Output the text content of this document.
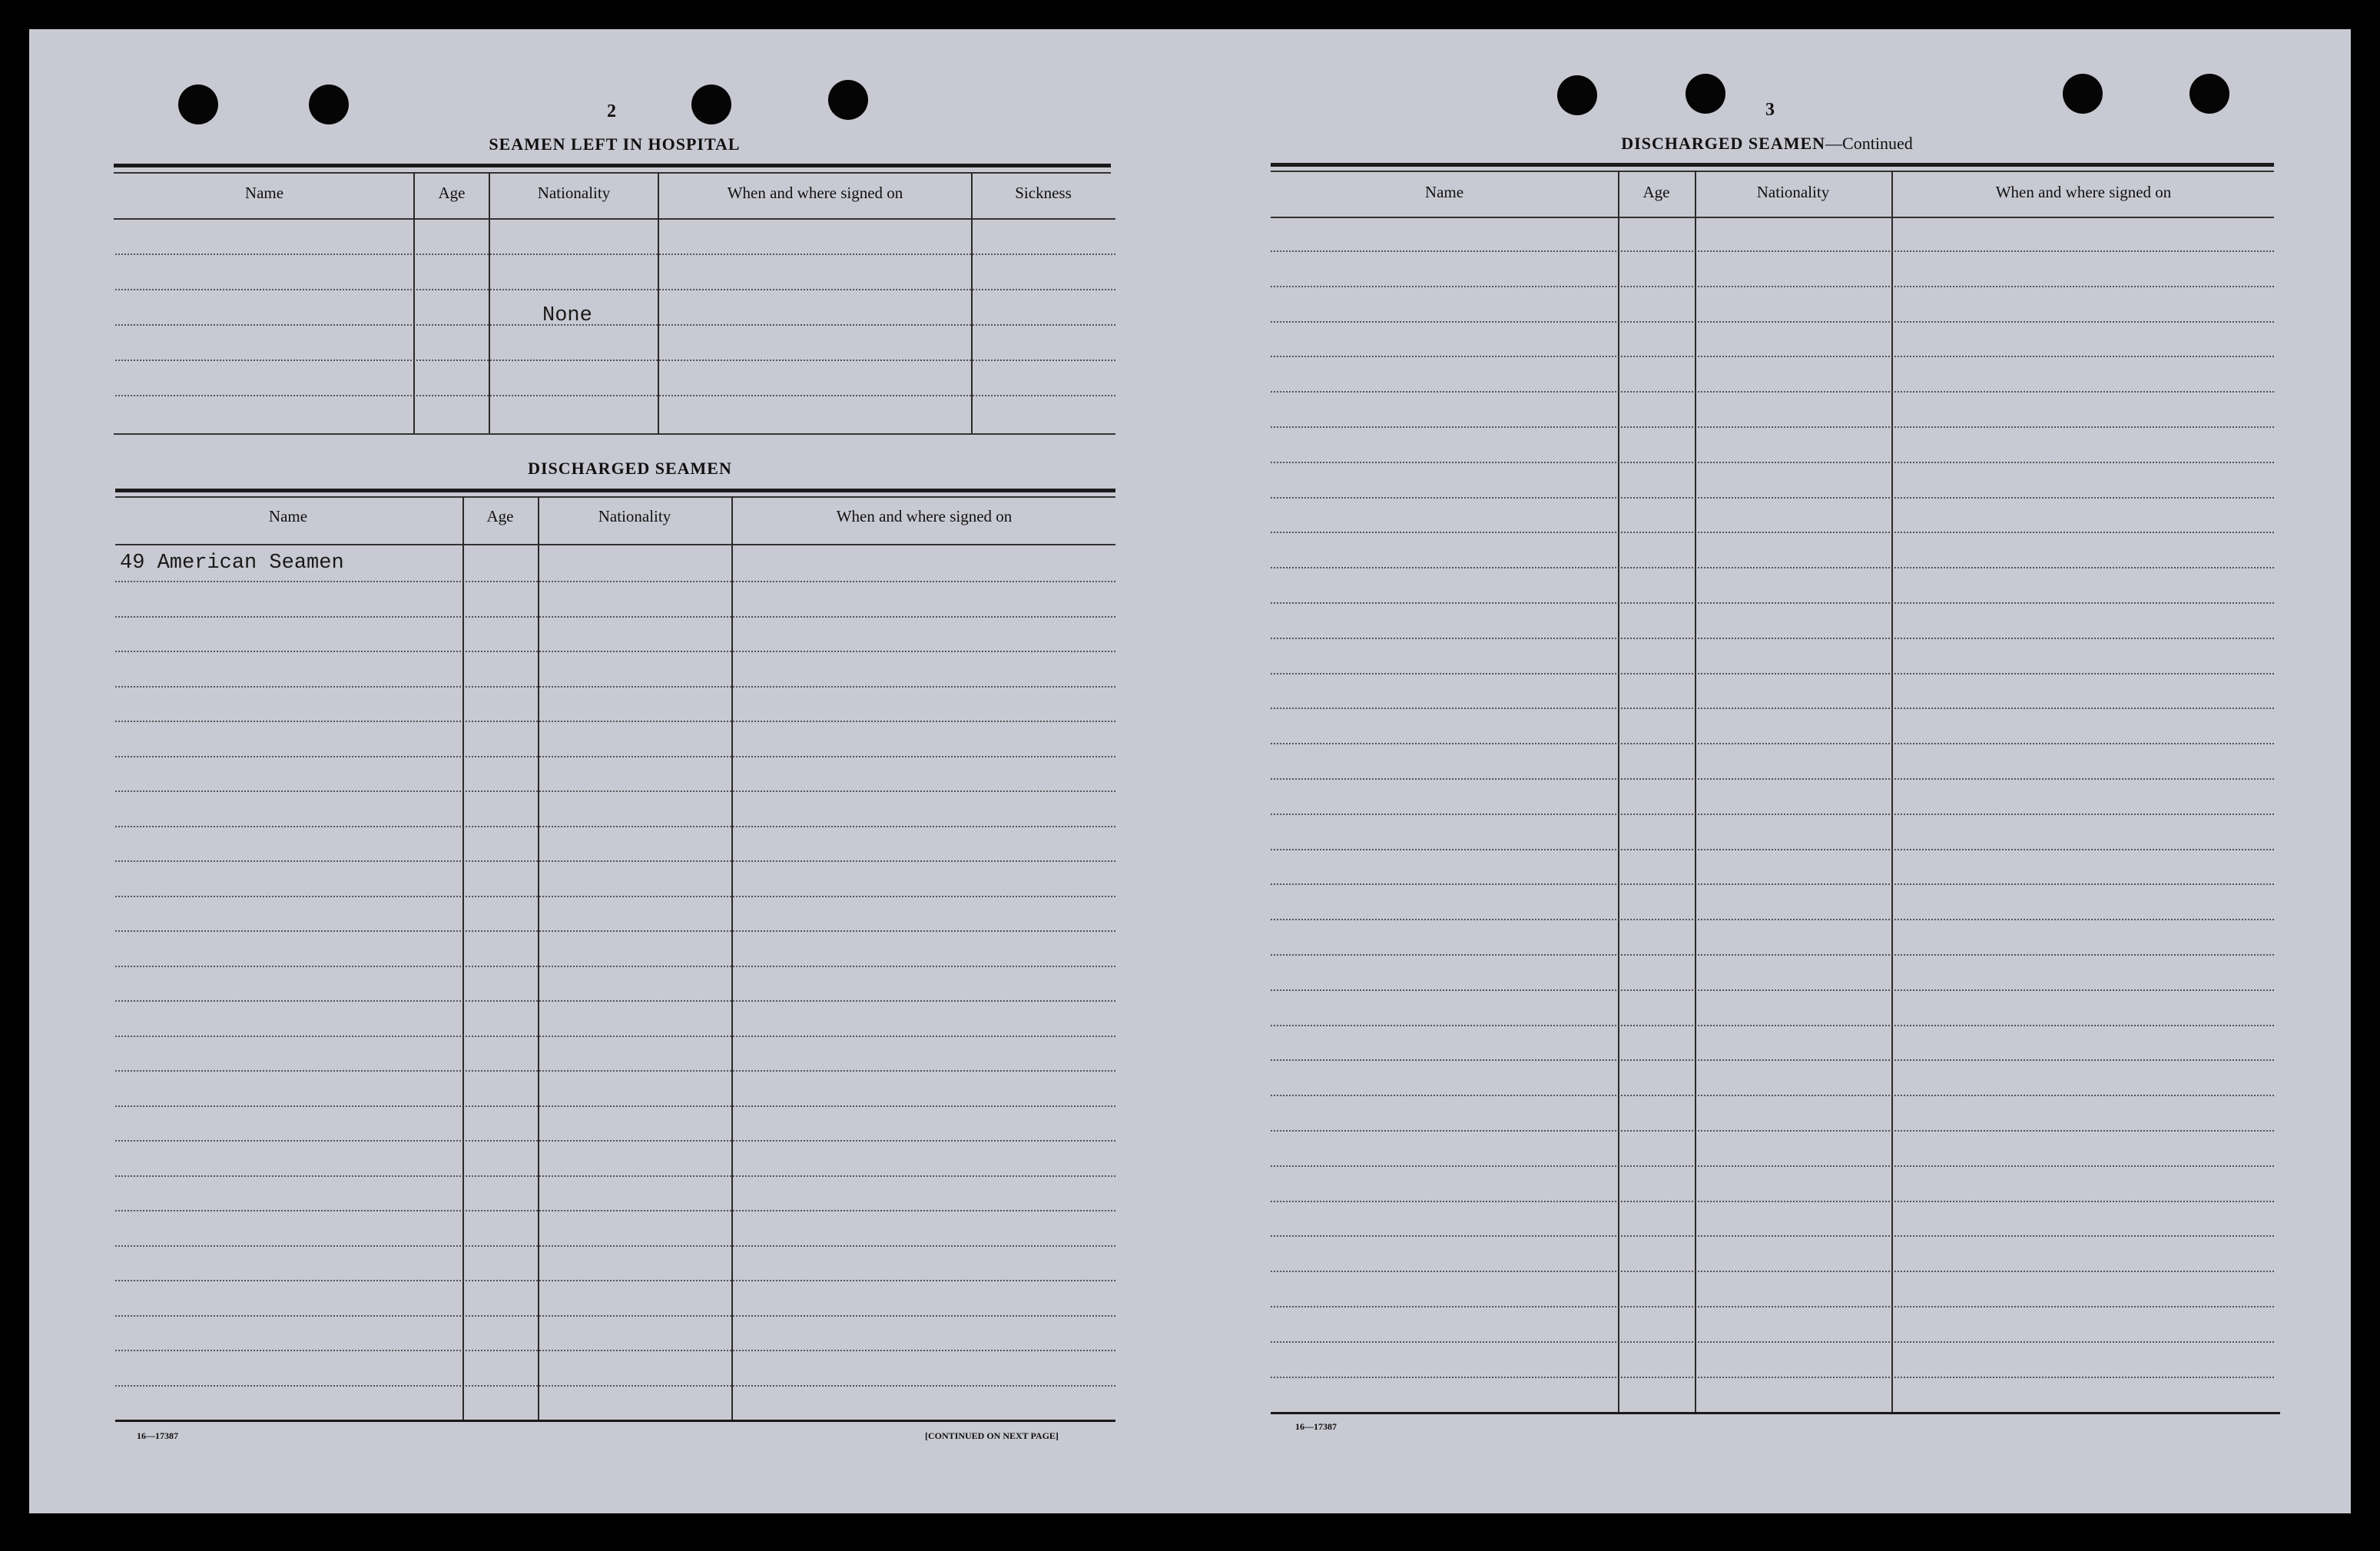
2
SEAMEN LEFT IN HOSPITAL
Name	Age	Nationality	When and where signed on	Sickness
None
DISCHARGED SEAMEN
Name	Age	Nationality	When and where signed on
49 American Seamen
16—17387	[CONTINUED ON NEXT PAGE]
3
DISCHARGED SEAMEN—Continued
Name	Age	Nationality	When and where signed on
16—17387
